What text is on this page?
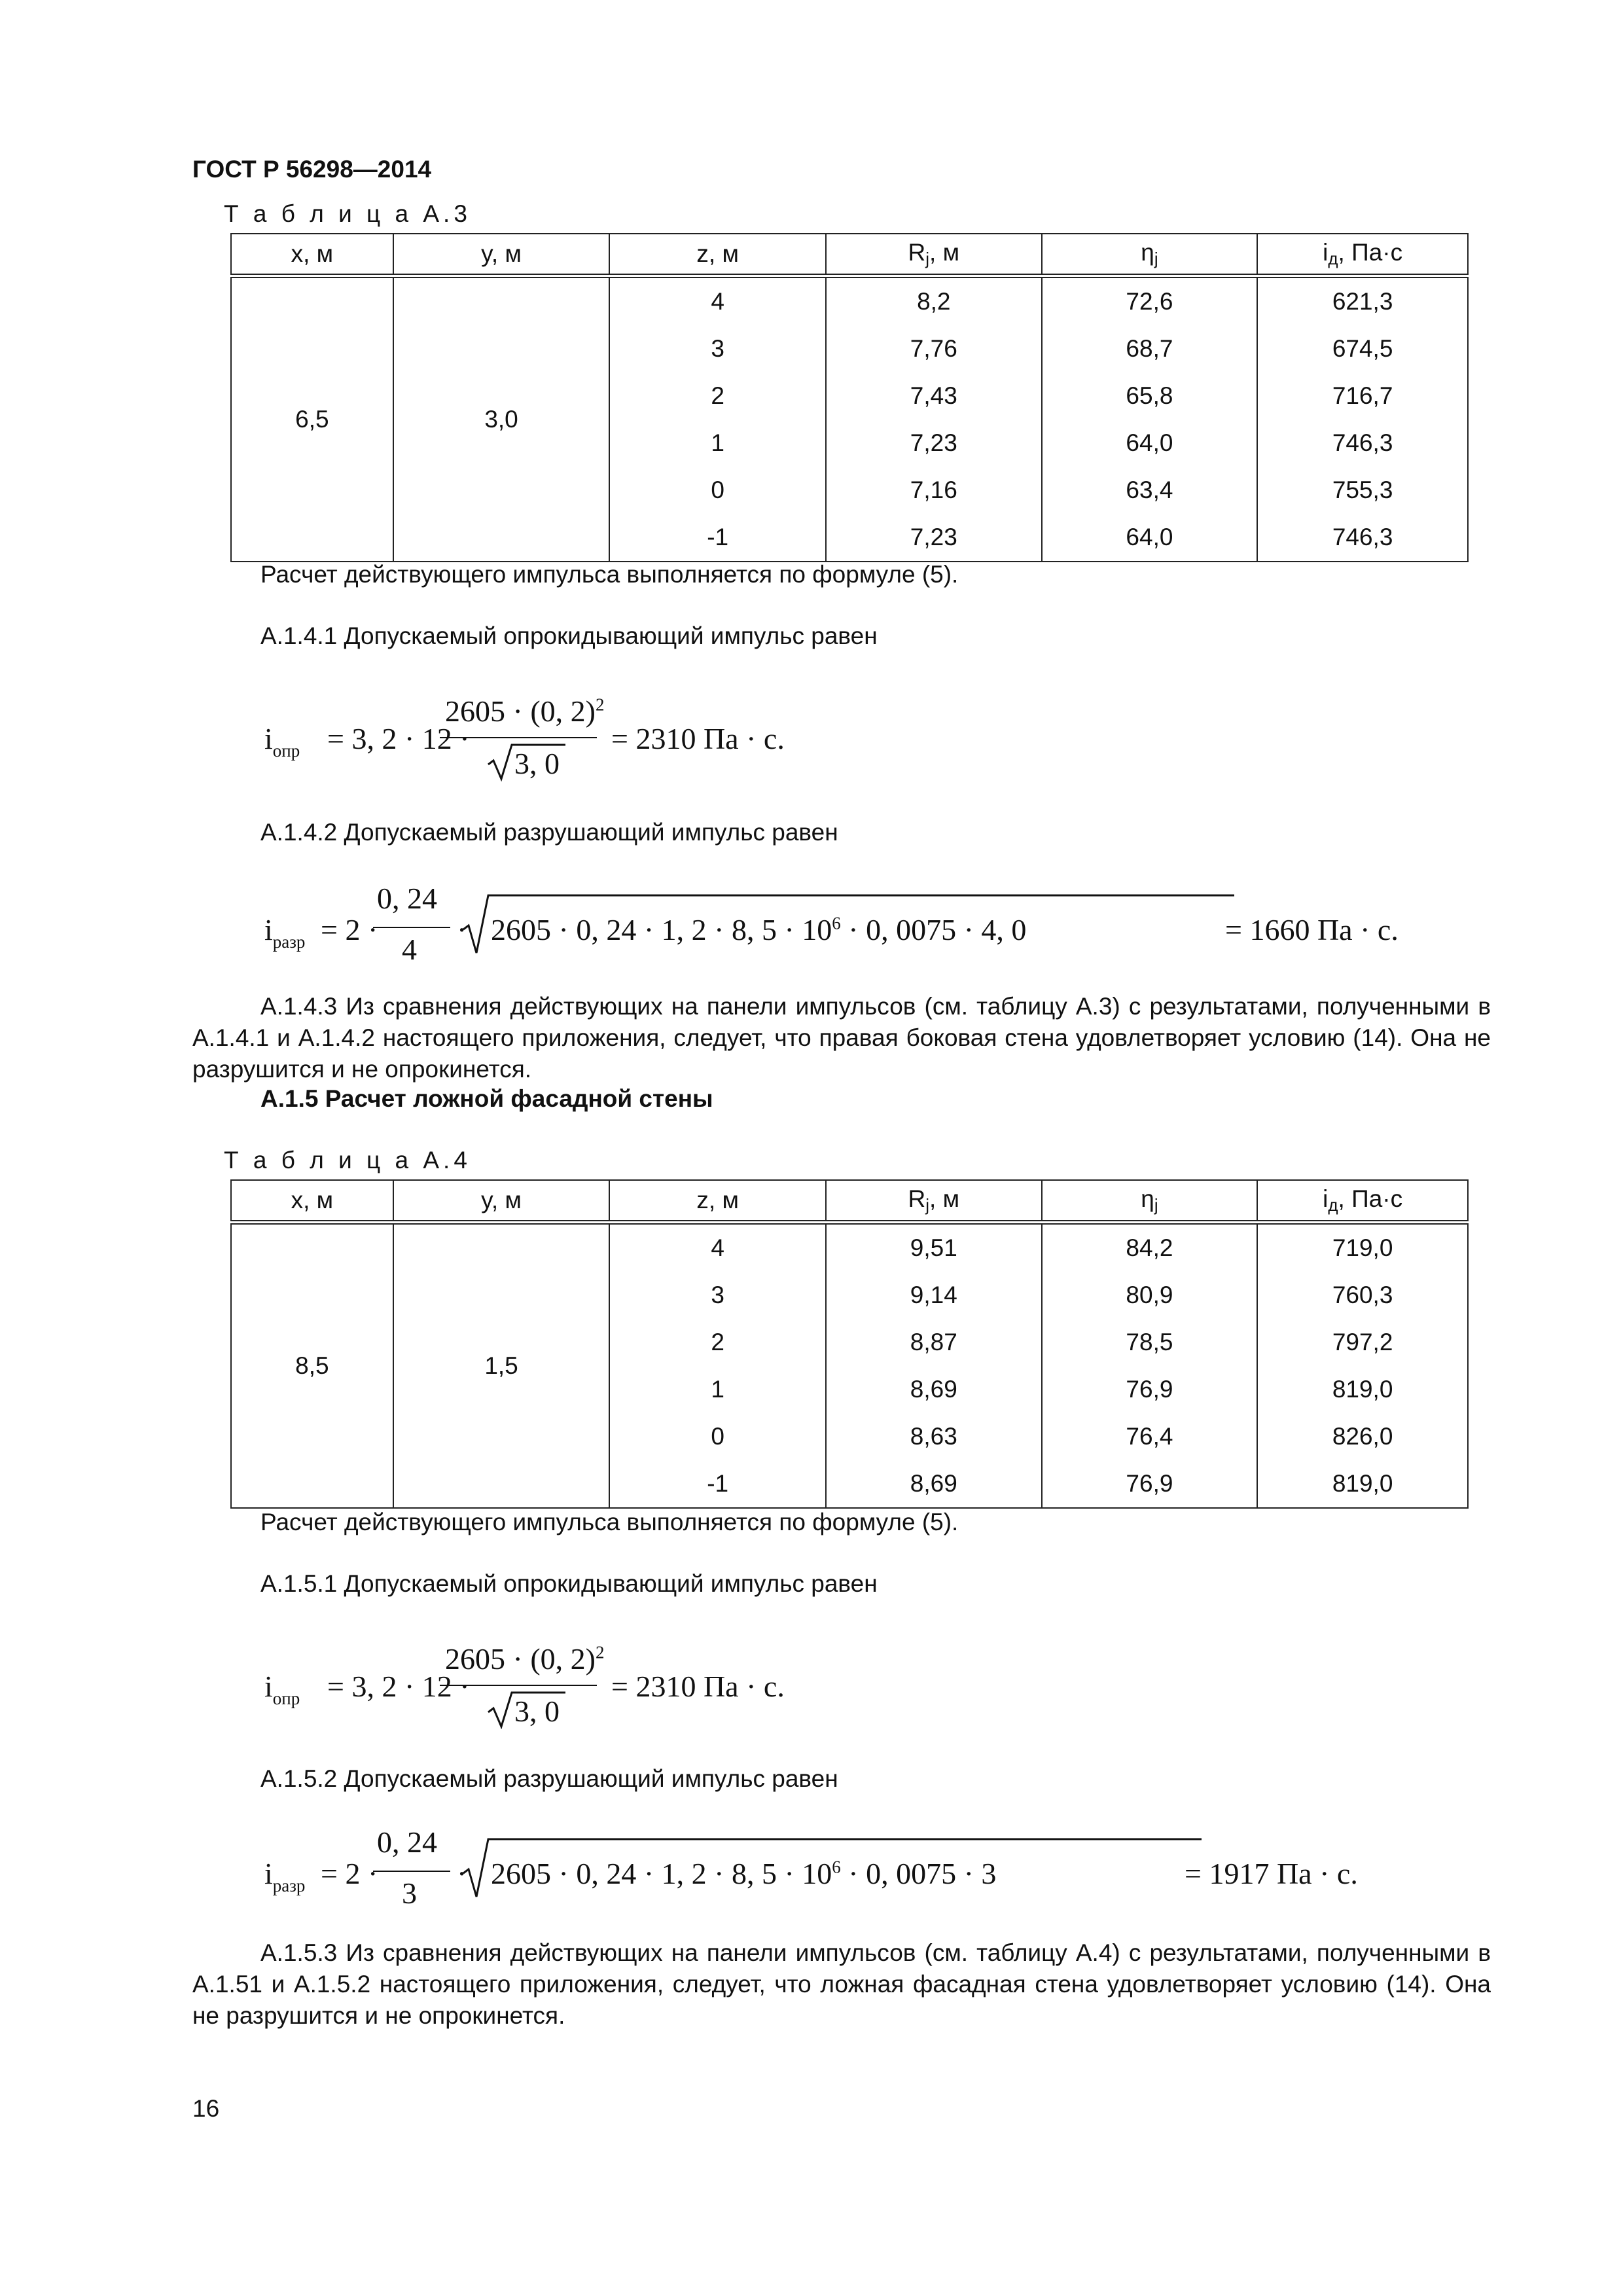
ГОСТ Р 56298—2014
Т а б л и ц а А.3
x, м	y, м	z, м	$R_j$, м	$\eta_j$	$i_д$, Па·с
6,5	3,0	4	8,2	72,6	621,3
		3	7,76	68,7	674,5
		2	7,43	65,8	716,7
		1	7,23	64,0	746,3
		0	7,16	63,4	755,3
		-1	7,23	64,0	746,3
Расчет действующего импульса выполняется по формуле (5).
А.1.4.1 Допускаемый опрокидывающий импульс равен
$i_{опр} = 3$, 2 · 12 ·
2605 · (0, 2)$^2$
3, 0
= 2310 Па · с.
А.1.4.2 Допускаемый разрушающий импульс равен
$i_{разр} = 2$ ·
0, 24
4
· 2605 · 0, 24 · 1, 2 · 8, $5 \cdot 10^6 \cdot 0$, 0075 · 4, 0	= 1660 Па · с.
А.1.4.3 Из сравнения действующих на панели импульсов (см. таблицу А.3) с результатами, полученными в А.1.4.1 и А.1.4.2 настоящего приложения, следует, что правая боковая стена удовлетворяет условию (14). Она не разрушится и не опрокинется.
А.1.5 Расчет ложной фасадной стены
Т а б л и ц а А.4
x, м	y, м	z, м	$R_j$, м	$\eta_j$	$i_д$, Па·с
8,5	1,5	4	9,51	84,2	719,0
		3	9,14	80,9	760,3
		2	8,87	78,5	797,2
		1	8,69	76,9	819,0
		0	8,63	76,4	826,0
		-1	8,69	76,9	819,0
Расчет действующего импульса выполняется по формуле (5).
А.1.5.1 Допускаемый опрокидывающий импульс равен
$i_{опр} = 3$, 2 · 12 ·
2605 · (0, 2)$^2$
3, 0
= 2310 Па · с.
А.1.5.2 Допускаемый разрушающий импульс равен
$i_{разр} = 2$ ·
0, 24
3
· 2605 · 0, 24 · 1, 2 · 8, $5 \cdot 10^6 \cdot 0$, 0075 · 3	= 1917 Па · с.
А.1.5.3 Из сравнения действующих на панели импульсов (см. таблицу А.4) с результатами, полученными в А.1.51 и А.1.5.2 настоящего приложения, следует, что ложная фасадная стена удовлетворяет условию (14). Она не разрушится и не опрокинется.
16
